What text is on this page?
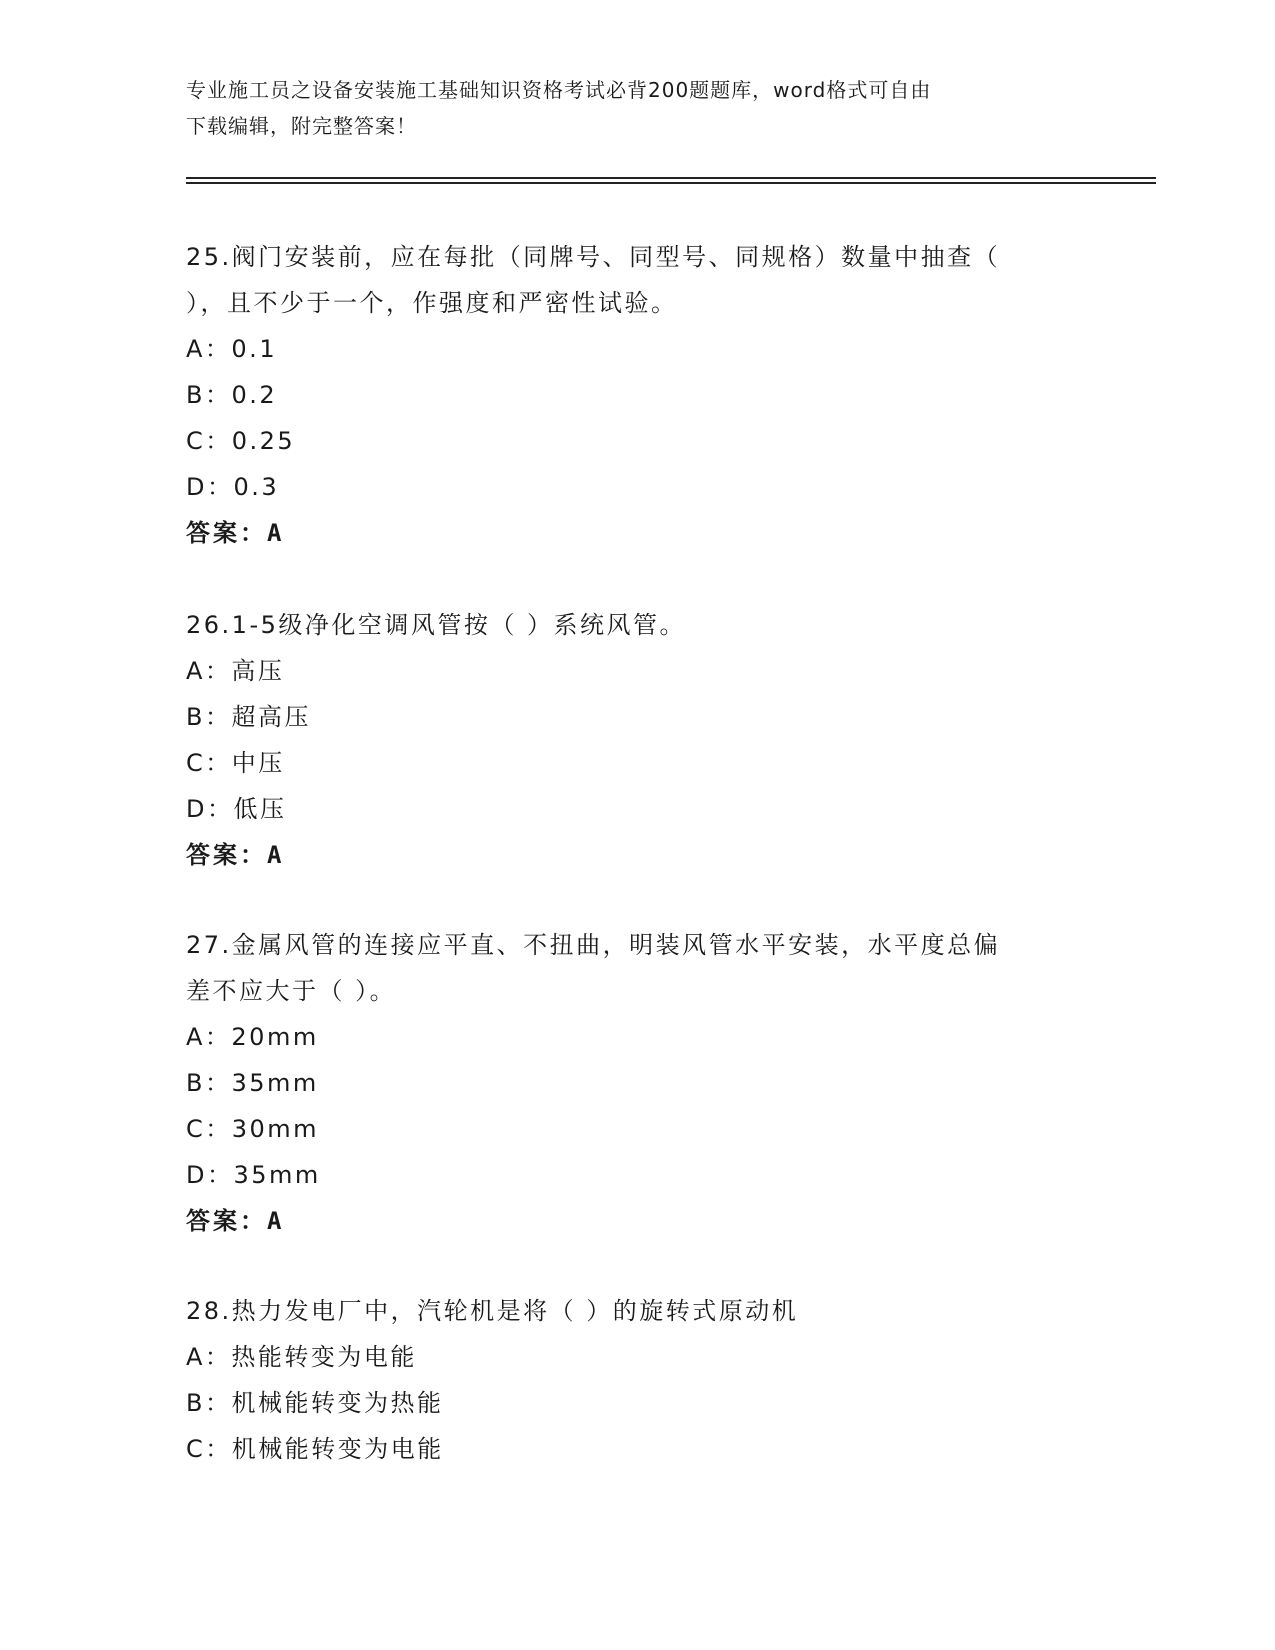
专业施工员之设备安装施工基础知识资格考试必背200题题库，word格式可自由
下载编辑，附完整答案！
25.阀门安装前，应在每批（同牌号、同型号、同规格）数量中抽查（
），且不少于一个，作强度和严密性试验。
A：0.1
B：0.2
C：0.25
D：0.3
答案：A
26.1-5级净化空调风管按（ ）系统风管。
A：高压
B：超高压
C：中压
D：低压
答案：A
27.金属风管的连接应平直、不扭曲，明装风管水平安装，水平度总偏
差不应大于（ ）。
A：20mm
B：35mm
C：30mm
D：35mm
答案：A
28.热力发电厂中，汽轮机是将（ ）的旋转式原动机
A：热能转变为电能
B：机械能转变为热能
C：机械能转变为电能
